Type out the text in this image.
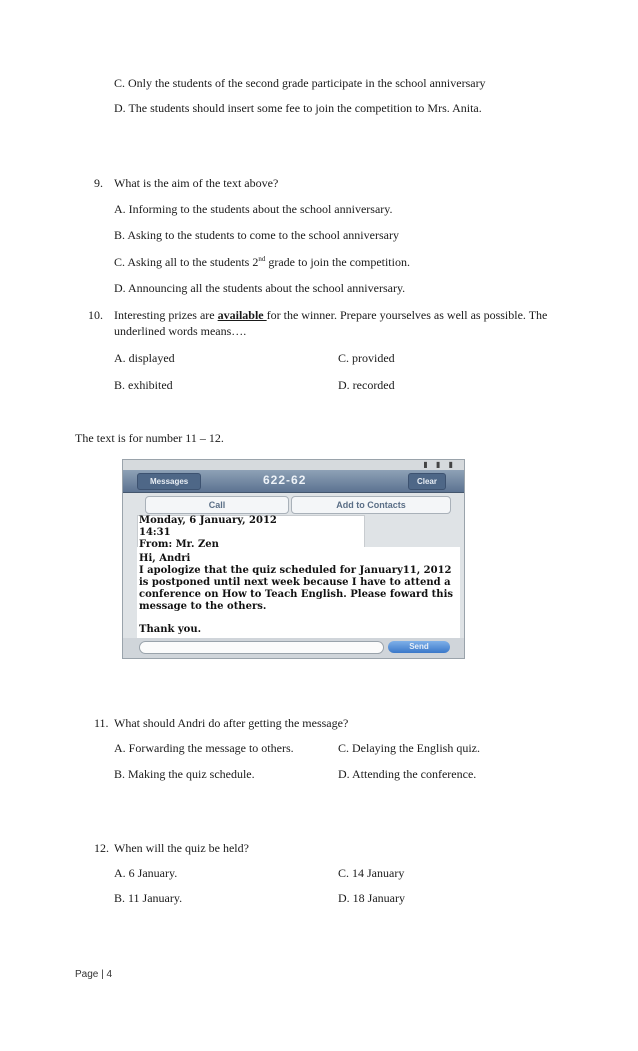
C. Only the students of the second grade participate in the school anniversary
D. The students should insert some fee to join the competition to Mrs. Anita.
9. What is the aim of the text above?
A. Informing to the students about the school anniversary.
B. Asking to the students to come to the school anniversary
C. Asking all to the students 2nd grade to join the competition.
D. Announcing all the students about the school anniversary.
10. Interesting prizes are available for the winner. Prepare yourselves as well as possible. The
underlined words means….
A. displayed	C. provided
B. exhibited	D. recorded
The text is for number 11 – 12.
▮ ▮ ▮
Messages	622-62	Clear
Call	Add to Contacts
Monday, 6 January, 2012
14:31
From: Mr. Zen
Hi, Andri
I apologize that the quiz scheduled for January11, 2012
is postponed until next week because I have to attend a
conference on How to Teach English. Please foward this
message to the others.
Thank you.
Send
11. What should Andri do after getting the message?
A. Forwarding the message to others.	C. Delaying the English quiz.
B. Making the quiz schedule.	D. Attending the conference.
12. When will the quiz be held?
A. 6 January.	C. 14 January
B. 11 January.	D. 18 January
Page | 4
